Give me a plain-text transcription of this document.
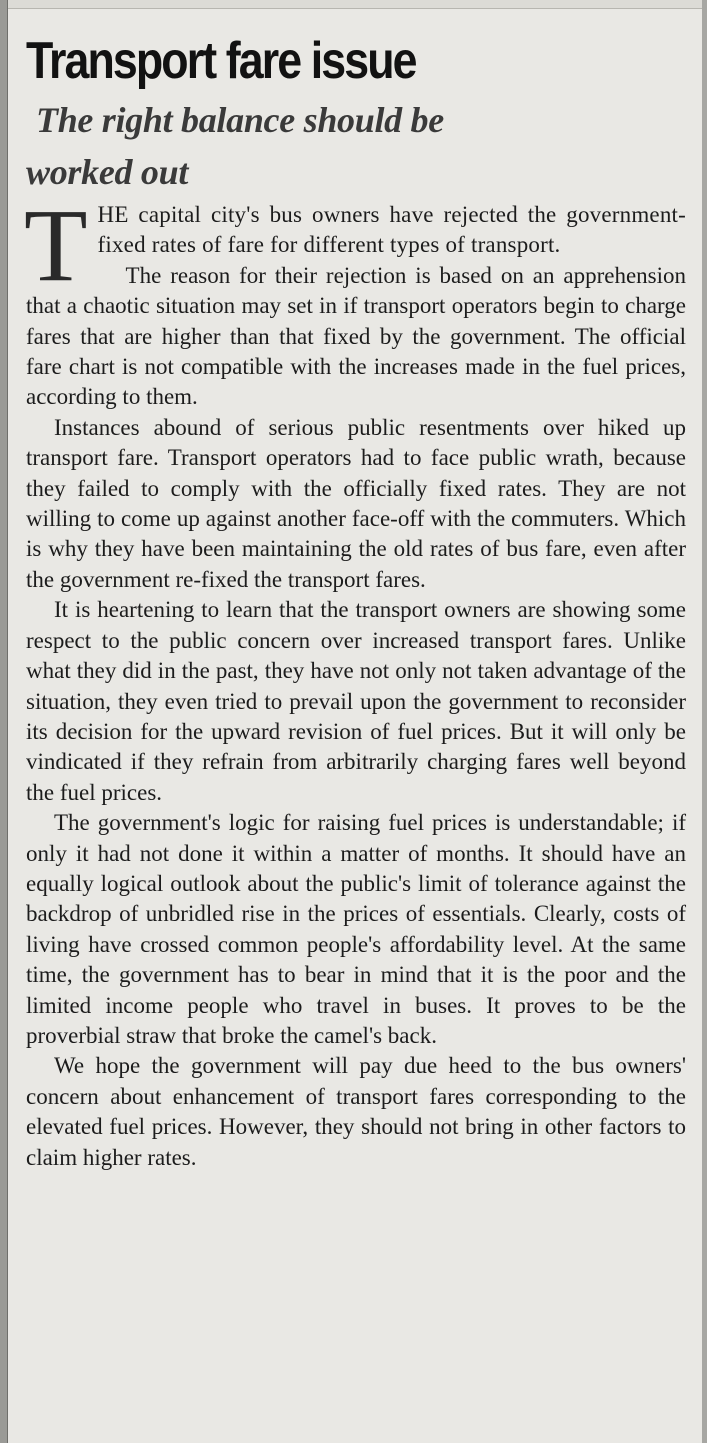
Transport fare issue
The right balance should be
worked out

THE capital city's bus owners have rejected the government-fixed rates of fare for different types of transport.

The reason for their rejection is based on an apprehension that a chaotic situation may set in if transport operators begin to charge fares that are higher than that fixed by the government. The official fare chart is not compatible with the increases made in the fuel prices, according to them.

Instances abound of serious public resentments over hiked up transport fare. Transport operators had to face public wrath, because they failed to comply with the officially fixed rates. They are not willing to come up against another face-off with the commuters. Which is why they have been maintaining the old rates of bus fare, even after the government re-fixed the transport fares.

It is heartening to learn that the transport owners are showing some respect to the public concern over increased transport fares. Unlike what they did in the past, they have not only not taken advantage of the situation, they even tried to prevail upon the government to reconsider its decision for the upward revision of fuel prices. But it will only be vindicated if they refrain from arbitrarily charging fares well beyond the fuel prices.

The government's logic for raising fuel prices is understandable; if only it had not done it within a matter of months. It should have an equally logical outlook about the public's limit of tolerance against the backdrop of unbridled rise in the prices of essentials. Clearly, costs of living have crossed common people's affordability level. At the same time, the government has to bear in mind that it is the poor and the limited income people who travel in buses. It proves to be the proverbial straw that broke the camel's back.

We hope the government will pay due heed to the bus owners' concern about enhancement of transport fares corresponding to the elevated fuel prices. However, they should not bring in other factors to claim higher rates.
